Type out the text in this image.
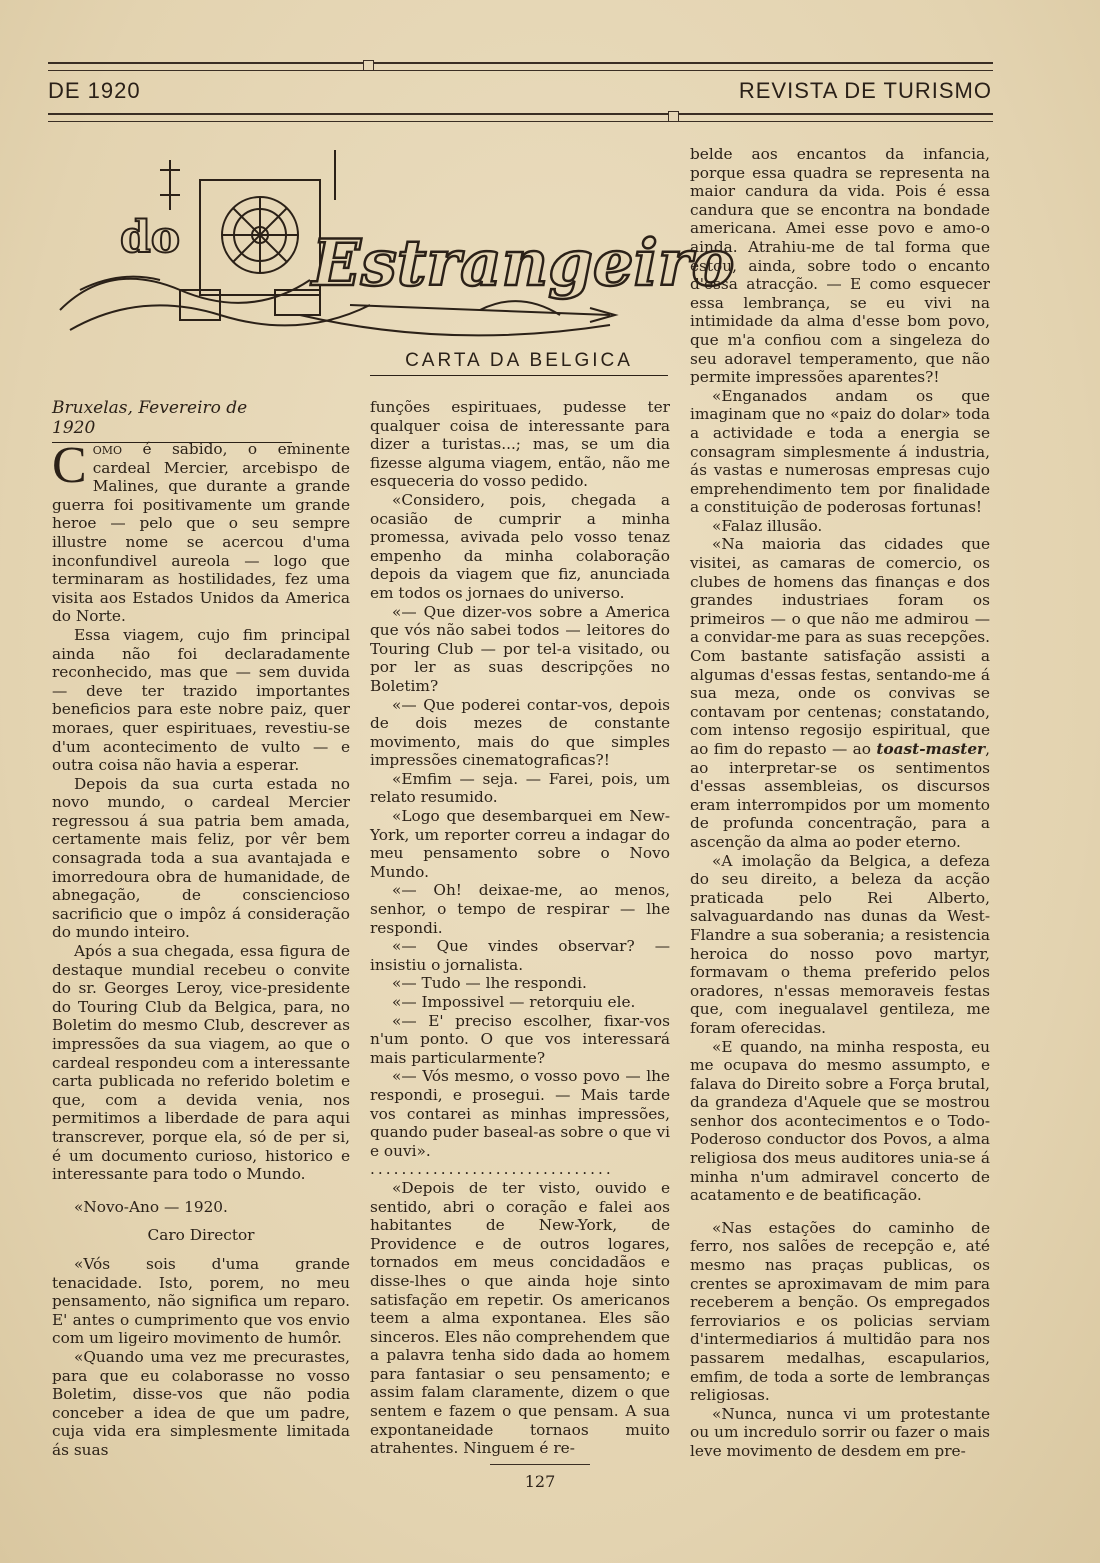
DE 1920	REVISTA DE TURISMO
do Estrangeiro
CARTA DA BELGICA
Bruxelas, Fevereiro de 1920

Como é sabido, o eminente cardeal Mercier, arcebispo de Malines, que durante a grande guerra foi positivamente um grande heroe — pelo que o seu sempre illustre nome se acercou d'uma inconfundivel aureola — logo que terminaram as hostilidades, fez uma visita aos Estados Unidos da America do Norte.

Essa viagem, cujo fim principal ainda não foi declaradamente reconhecido, mas que — sem duvida — deve ter trazido importantes beneficios para este nobre paiz, quer moraes, quer espirituaes, revestiu-se d'um acontecimento de vulto — e outra coisa não havia a esperar.

Depois da sua curta estada no novo mundo, o cardeal Mercier regressou á sua patria bem amada, certamente mais feliz, por vêr bem consagrada toda a sua avantajada e imorredoura obra de humanidade, de abnegação, de consciencioso sacrificio que o impôz á consideração do mundo inteiro.

Após a sua chegada, essa figura de destaque mundial recebeu o convite do sr. Georges Leroy, vice-presidente do Touring Club da Belgica, para, no Boletim do mesmo Club, descrever as impressões da sua viagem, ao que o cardeal respondeu com a interessante carta publicada no referido boletim e que, com a devida venia, nos permitimos a liberdade de para aqui transcrever, porque ela, só de per si, é um documento curioso, historico e interessante para todo o Mundo.

«Novo-Ano — 1920.

Caro Director

«Vós sois d'uma grande tenacidade. Isto, porem, no meu pensamento, não significa um reparo. E' antes o cumprimento que vos envio com um ligeiro movimento de humôr.

«Quando uma vez me precurastes, para que eu colaborasse no vosso Boletim, disse-vos que não podia conceber a idea de que um padre, cuja vida era simplesmente limitada ás suas

funções espirituaes, pudesse ter qualquer coisa de interessante para dizer a turistas...; mas, se um dia fizesse alguma viagem, então, não me esqueceria do vosso pedido.

«Considero, pois, chegada a ocasião de cumprir a minha promessa, avivada pelo vosso tenaz empenho da minha colaboração depois da viagem que fiz, anunciada em todos os jornaes do universo.

«— Que dizer-vos sobre a America que vós não sabei todos — leitores do Touring Club — por tel-a visitado, ou por ler as suas descripções no Boletim?

«— Que poderei contar-vos, depois de dois mezes de constante movimento, mais do que simples impressões cinematograficas?!

«Emfim — seja. — Farei, pois, um relato resumido.

«Logo que desembarquei em New-York, um reporter correu a indagar do meu pensamento sobre o Novo Mundo.

«— Oh! deixae-me, ao menos, senhor, o tempo de respirar — lhe respondi.

«— Que vindes observar? — insistiu o jornalista.

«— Tudo — lhe respondi.

«— Impossivel — retorquiu ele.

«— E' preciso escolher, fixar-vos n'um ponto. O que vos interessará mais particularmente?

«— Vós mesmo, o vosso povo — lhe respondi, e prosegui. — Mais tarde vos contarei as minhas impressões, quando puder baseal-as sobre o que vi e ouvi».

...............................

«Depois de ter visto, ouvido e sentido, abri o coração e falei aos habitantes de New-York, de Providence e de outros logares, tornados em meus concidadãos e disse-lhes o que ainda hoje sinto satisfação em repetir. Os americanos teem a alma expontanea. Eles são sinceros. Eles não comprehendem que a palavra tenha sido dada ao homem para fantasiar o seu pensamento; e assim falam claramente, dizem o que sentem e fazem o que pensam. A sua expontaneidade tornaos muito atrahentes. Ninguem é re-

belde aos encantos da infancia, porque essa quadra se representa na maior candura da vida. Pois é essa candura que se encontra na bondade americana. Amei esse povo e amo-o ainda. Atrahiu-me de tal forma que estou, ainda, sobre todo o encanto d'essa atracção. — E como esquecer essa lembrança, se eu vivi na intimidade da alma d'esse bom povo, que m'a confiou com a singeleza do seu adoravel temperamento, que não permite impressões aparentes?!

«Enganados andam os que imaginam que no «paiz do dolar» toda a actividade e toda a energia se consagram simplesmente á industria, ás vastas e numerosas empresas cujo emprehendimento tem por finalidade a constituição de poderosas fortunas!

«Falaz illusão.

«Na maioria das cidades que visitei, as camaras de comercio, os clubes de homens das finanças e dos grandes industriaes foram os primeiros — o que não me admirou — a convidar-me para as suas recepções. Com bastante satisfação assisti a algumas d'essas festas, sentando-me á sua meza, onde os convivas se contavam por centenas; constatando, com intenso regosijo espiritual, que ao fim do repasto — ao toast-master, ao interpretar-se os sentimentos d'essas assembleias, os discursos eram interrompidos por um momento de profunda concentração, para a ascenção da alma ao poder eterno.

«A imolação da Belgica, a defeza do seu direito, a beleza da acção praticada pelo Rei Alberto, salvaguardando nas dunas da West-Flandre a sua soberania; a resistencia heroica do nosso povo martyr, formavam o thema preferido pelos oradores, n'essas memoraveis festas que, com inegualavel gentileza, me foram oferecidas.

«E quando, na minha resposta, eu me ocupava do mesmo assumpto, e falava do Direito sobre a Força brutal, da grandeza d'Aquele que se mostrou senhor dos acontecimentos e o Todo-Poderoso conductor dos Povos, a alma religiosa dos meus auditores unia-se á minha n'um admiravel concerto de acatamento e de beatificação.

«Nas estações do caminho de ferro, nos salões de recepção e, até mesmo nas praças publicas, os crentes se aproximavam de mim para receberem a benção. Os empregados ferroviarios e os policias serviam d'intermediarios á multidão para nos passarem medalhas, escapularios, emfim, de toda a sorte de lembranças religiosas.

«Nunca, nunca vi um protestante ou um incredulo sorrir ou fazer o mais leve movimento de desdem em pre-

127
